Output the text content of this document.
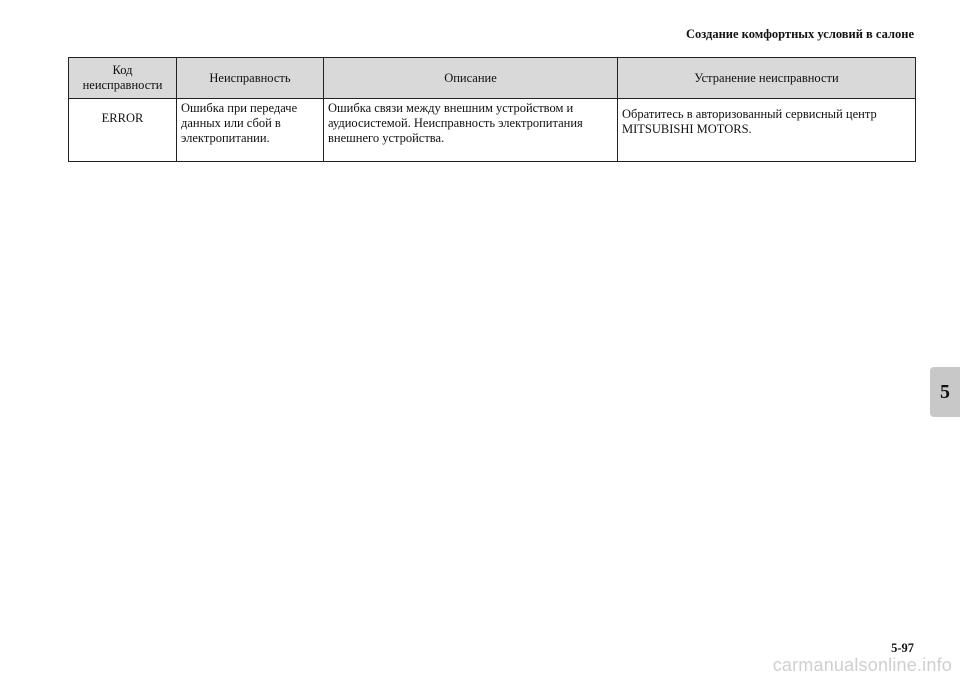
Создание комфортных условий в салоне
Код неисправности	Неисправность	Описание	Устранение неисправности
ERROR	Ошибка при передаче данных или сбой в электропитании.	Ошибка связи между внешним устройством и аудиосистемой. Неисправность электропитания внешнего устройства.	Обратитесь в авторизованный сервисный центр MITSUBISHI MOTORS.
5
5-97
carmanualsonline.info
